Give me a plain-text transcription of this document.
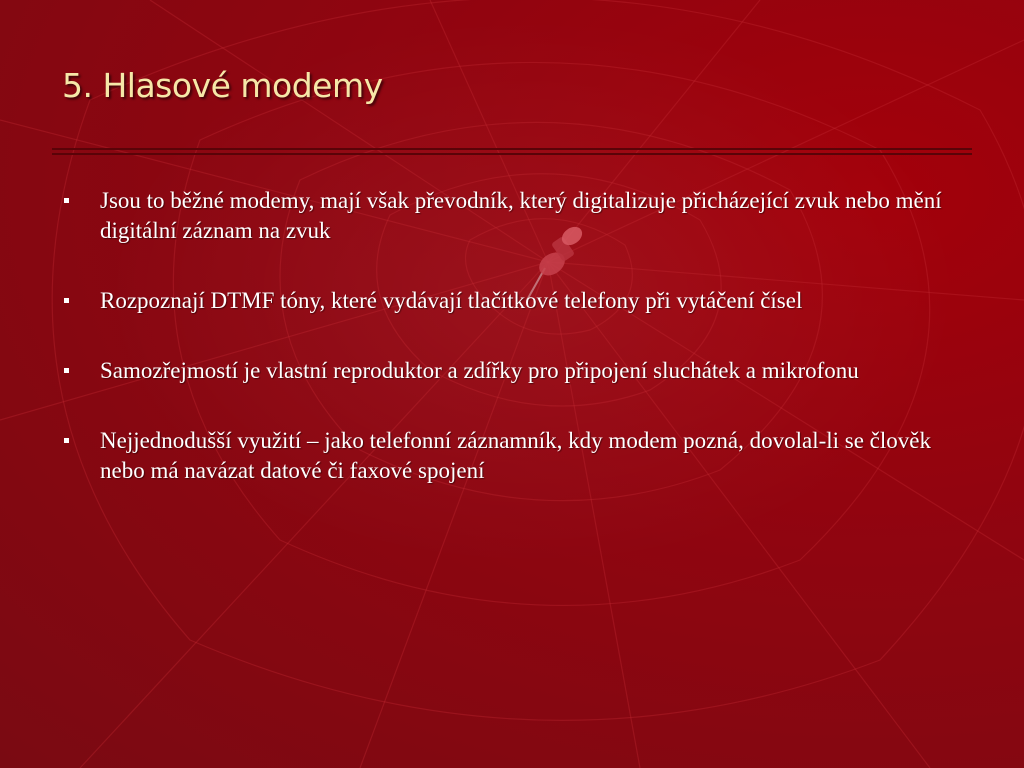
5. Hlasové modemy
Jsou to běžné modemy, mají však převodník, který digitalizuje přicházející zvuk nebo mění digitální záznam na zvuk
Rozpoznají DTMF tóny, které vydávají tlačítkové telefony při vytáčení čísel
Samozřejmostí je vlastní reproduktor a zdířky pro připojení sluchátek a mikrofonu
Nejjednodušší využití – jako telefonní záznamník, kdy modem pozná, dovolal-li se člověk nebo má navázat datové či faxové spojení
